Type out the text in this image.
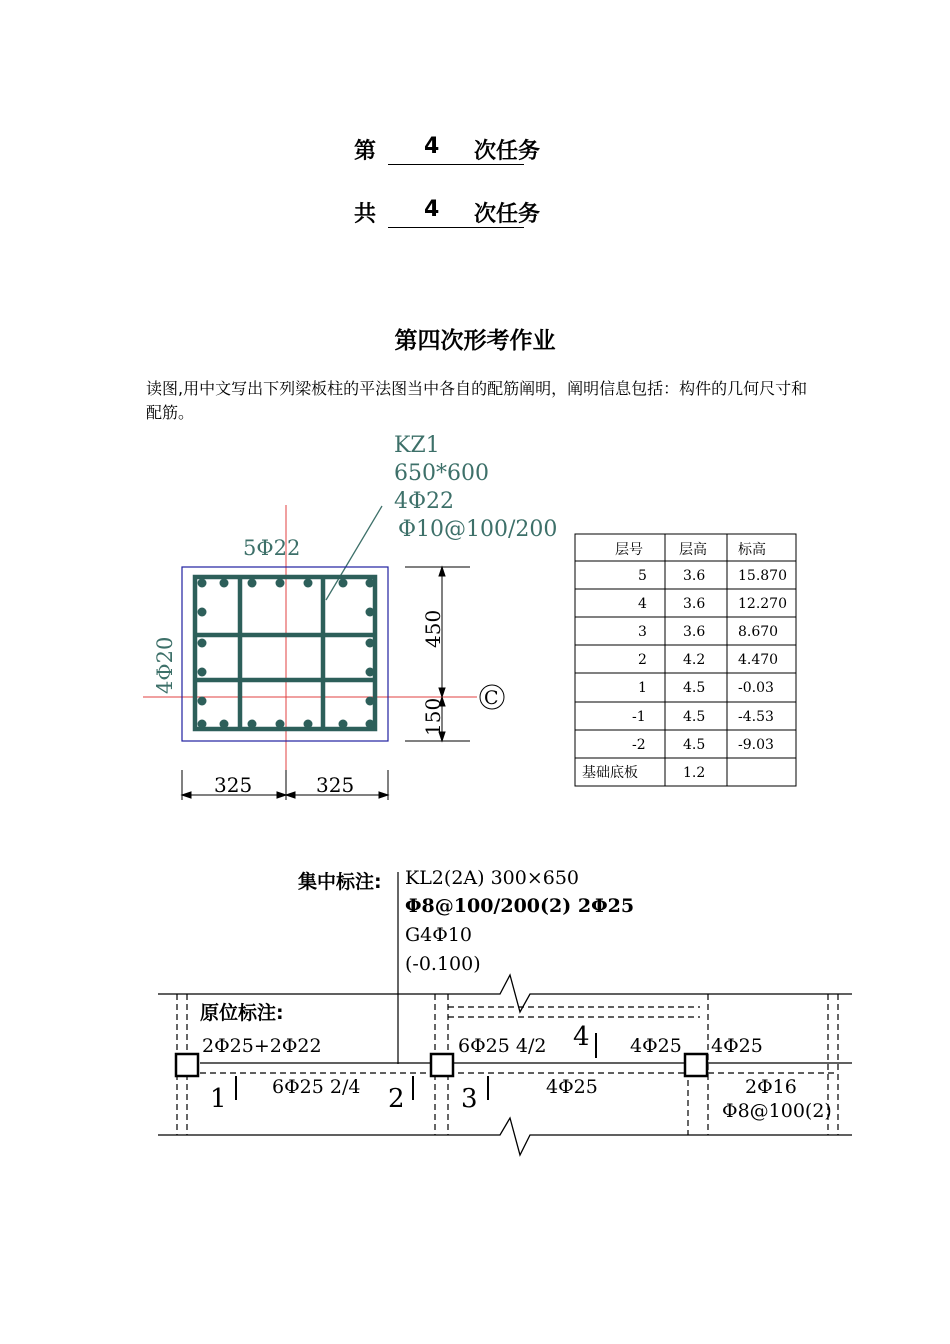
第 4 次任务
共 4 次任务
第四次形考作业
读图,用中文写出下列梁板柱的平法图当中各自的配筋阐明，阐明信息包括：构件的几何尺寸和配筋。
KZ1
650*600
4Φ22
Φ10@100/200
5Φ22
4Φ20
450
150 C
325	325
层号	层高 标高
5	3.6 15.870
4	3.6 12.270
3	3.6 8.670
2	4.2 4.470
1	4.5 -0.03
-1	4.5 -4.53
-2	4.5 -9.03
基础底板	1.2
集中标注: KL2(2A) 300×650
Φ8@100/200(2) 2Φ25
G4Φ10
(-0.100)
原位标注:
2Φ25+2Φ22	6Φ25 4/2	4Φ25 4Φ25
6Φ25 2/4	4Φ25	2Φ16
Φ8@100(2)
1	2 3
4
